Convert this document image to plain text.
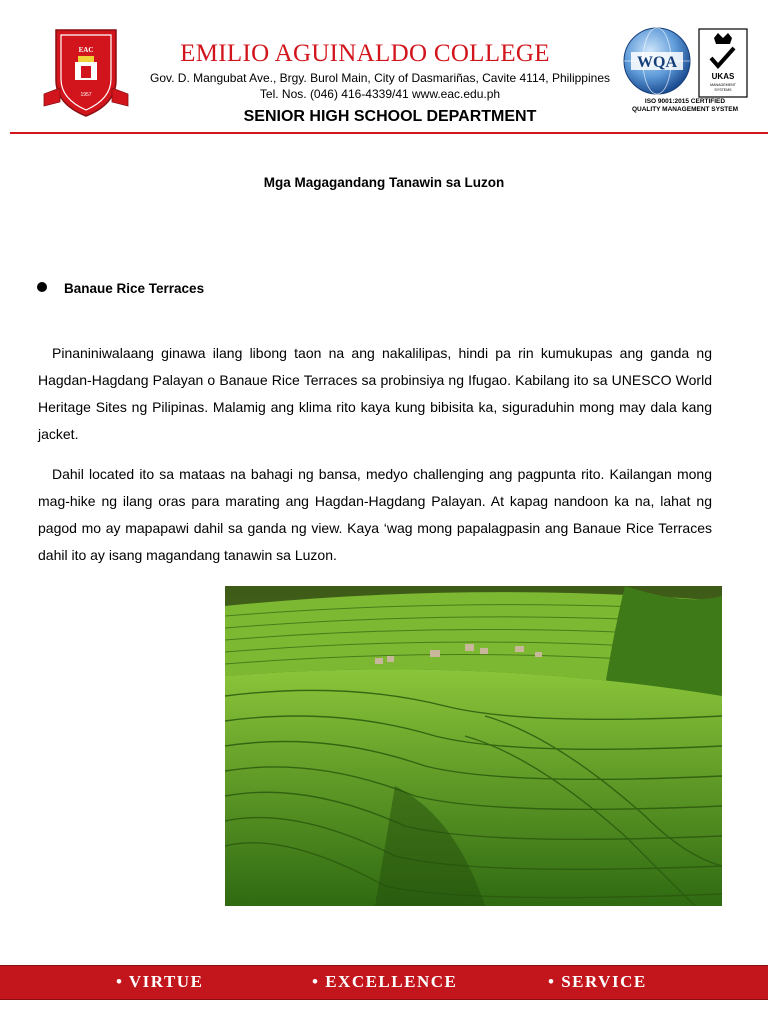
EAC
1957
EMILIO AGUINALDO COLLEGE
Gov. D. Mangubat Ave., Brgy. Burol Main, City of Dasmariñas, Cavite 4114, Philippines
Tel. Nos. (046) 416-4339/41 www.eac.edu.ph
SENIOR HIGH SCHOOL DEPARTMENT
WQA
UKAS
MANAGEMENT
SYSTEMS
ISO 9001:2015 CERTIFIED
QUALITY MANAGEMENT SYSTEM
Mga Magagandang Tanawin sa Luzon
Banaue Rice Terraces

Pinaniniwalaang ginawa ilang libong taon na ang nakalilipas, hindi pa rin kumukupas ang ganda ng Hagdan-Hagdang Palayan o Banaue Rice Terraces sa probinsiya ng Ifugao. Kabilang ito sa UNESCO World Heritage Sites ng Pilipinas. Malamig ang klima rito kaya kung bibisita ka, siguraduhin mong may dala kang jacket.

Dahil located ito sa mataas na bahagi ng bansa, medyo challenging ang pagpunta rito. Kailangan mong mag-hike ng ilang oras para marating ang Hagdan-Hagdang Palayan. At kapag nandoon ka na, lahat ng pagod mo ay mapapawi dahil sa ganda ng view. Kaya ‘wag mong papalagpasin ang Banaue Rice Terraces dahil ito ay isang magandang tanawin sa Luzon.

• VIRTUE	• EXCELLENCE	• SERVICE
